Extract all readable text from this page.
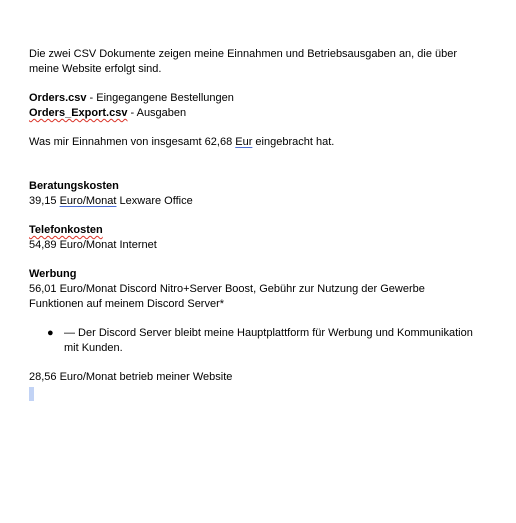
Die zwei CSV Dokumente zeigen meine Einnahmen und Betriebsausgaben an, die über
meine Website erfolgt sind.
Orders.csv - Eingegangene Bestellungen
Orders_Export.csv - Ausgaben
Was mir Einnahmen von insgesamt 62,68 Eur eingebracht hat.
Beratungskosten
39,15 Euro/Monat Lexware Office
Telefonkosten
54,89 Euro/Monat Internet
Werbung
56,01 Euro/Monat Discord Nitro+Server Boost, Gebühr zur Nutzung der Gewerbe
Funktionen auf meinem Discord Server*
● — Der Discord Server bleibt meine Hauptplattform für Werbung und Kommunikation mit Kunden.
28,56 Euro/Monat betrieb meiner Website
